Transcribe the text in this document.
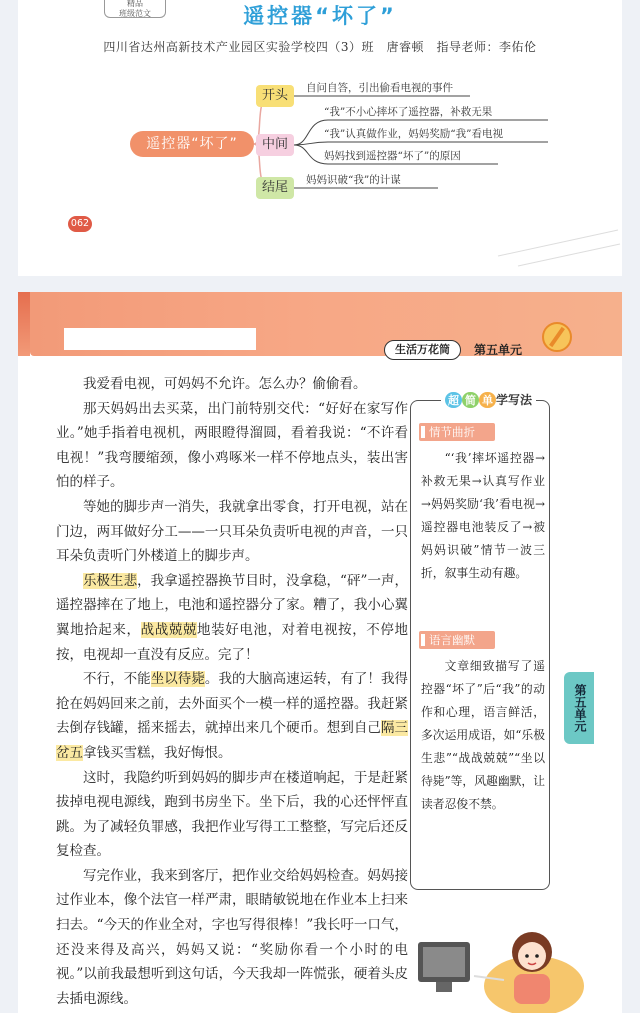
精品
班级范文	遥控器“坏了”
四川省达州高新技术产业园区实验学校四（3）班　唐睿顿　指导老师：李佑伦
遥控器“坏了”
开头
中间
结尾
自问自答，引出偷看电视的事件
“我”不小心摔坏了遥控器，补救无果
“我”认真做作业，妈妈奖励“我”看电视
妈妈找到遥控器“坏了”的原因
妈妈识破“我”的计谋
062
生活万花筒	第五单元

我爱看电视，可妈妈不允许。怎么办？偷偷看。

那天妈妈出去买菜，出门前特别交代：“好好在家写作业。”她手指着电视机，两眼瞪得溜圆，看着我说：“不许看电视！”我弯腰缩颈，像小鸡啄米一样不停地点头，装出害怕的样子。

等她的脚步声一消失，我就拿出零食，打开电视，站在门边，两耳做好分工——一只耳朵负责听电视的声音，一只耳朵负责听门外楼道上的脚步声。

乐极生悲，我拿遥控器换节目时，没拿稳，“砰”一声，遥控器摔在了地上，电池和遥控器分了家。糟了，我小心翼翼地拾起来，战战兢兢地装好电池，对着电视按，不停地按，电视却一直没有反应。完了！

不行，不能坐以待毙。我的大脑高速运转，有了！我得抢在妈妈回来之前，去外面买个一模一样的遥控器。我赶紧去倒存钱罐，摇来摇去，就掉出来几个硬币。想到自己隔三岔五拿钱买雪糕，我好悔恨。

这时，我隐约听到妈妈的脚步声在楼道响起，于是赶紧拔掉电视电源线，跑到书房坐下。坐下后，我的心还怦怦直跳。为了减轻负罪感，我把作业写得工工整整，写完后还反复检查。

写完作业，我来到客厅，把作业交给妈妈检查。妈妈接过作业本，像个法官一样严肃，眼睛敏锐地在作业本上扫来扫去。“今天的作业全对，字也写得很棒！”我长吁一口气，还没来得及高兴，妈妈又说：“奖励你看一个小时的电视。”以前我最想听到这句话，今天我却一阵慌张，硬着头皮去插电源线。

超 简 单 学写法
情节曲折
“‘我’摔坏遥控器→补救无果→认真写作业→妈妈奖励‘我’看电视→遥控器电池装反了→被妈妈识破”情节一波三折，叙事生动有趣。
语言幽默
文章细致描写了遥控器“坏了”后“我”的动作和心理，语言鲜活，多次运用成语，如“乐极生悲”“战战兢兢”“坐以待毙”等，风趣幽默，让读者忍俊不禁。
第五单元
